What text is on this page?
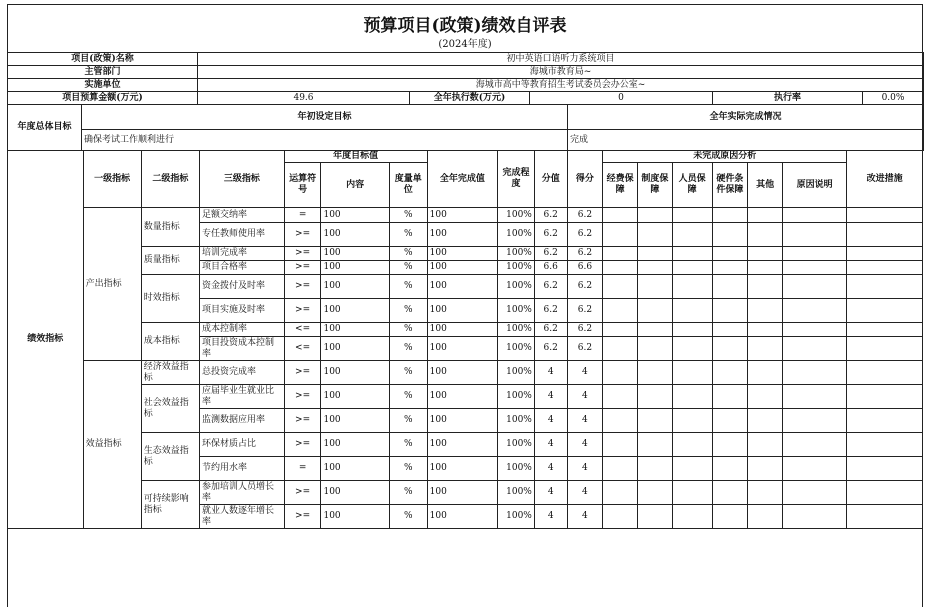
预算项目(政策)绩效自评表
(2024年度)
项目(政策)名称	初中英语口语听力系统项目				
主管部门	海城市教育局~				
实施单位	海城市高中等教育招生考试委员会办公室~				
项目预算金额(万元)	49.6	全年执行数(万元)	0	执行率	0.0%
年度总体目标	年初设定目标	全年实际完成情况
	确保考试工作顺利进行	完成
绩效指标	一级指标	二级指标	三级指标	年度目标值			全年完成值	完成程度	分值	得分	未完成原因分析						改进措施
				运算符号	内容	度量单位					经费保障	制度保障	人员保障	硬件条件保障	其他	原因说明	
	产出指标	数量指标	足额交纳率	=	100	%	100	100%	6.2	6.2							
			专任教师使用率	>=	100	%	100	100%	6.2	6.2							
		质量指标	培训完成率	>=	100	%	100	100%	6.2	6.2							
			项目合格率	>=	100	%	100	100%	6.6	6.6							
		时效指标	资金拨付及时率	>=	100	%	100	100%	6.2	6.2							
			项目实施及时率	>=	100	%	100	100%	6.2	6.2							
		成本指标	成本控制率	<=	100	%	100	100%	6.2	6.2							
			项目投资成本控制率	<=	100	%	100	100%	6.2	6.2							
	效益指标	经济效益指标	总投资完成率	>=	100	%	100	100%	4	4							
		社会效益指标	应届毕业生就业比率	>=	100	%	100	100%	4	4							
			监测数据应用率	>=	100	%	100	100%	4	4							
		生态效益指标	环保材质占比	>=	100	%	100	100%	4	4							
			节约用水率	=	100	%	100	100%	4	4							
		可持续影响指标	参加培训人员增长率	>=	100	%	100	100%	4	4							
			就业人数逐年增长率	>=	100	%	100	100%	4	4							
